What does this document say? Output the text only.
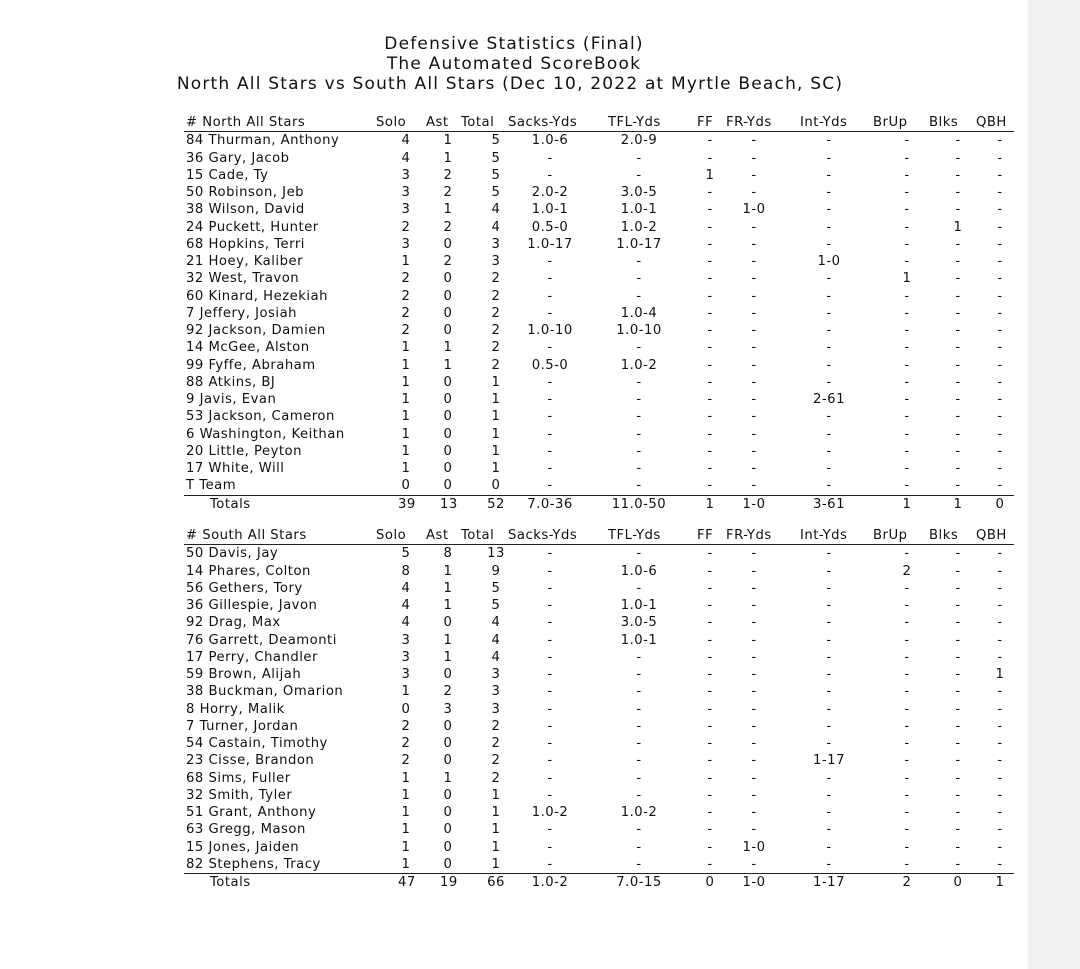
Defensive Statistics (Final)
The Automated ScoreBook
North All Stars vs South All Stars (Dec 10, 2022 at Myrtle Beach, SC)
# North All Stars	Solo Ast Total Sacks-Yds TFL-Yds	FF FR-Yds Int-Yds BrUp Blks QBH
84 Thurman, Anthony	4	1	5	1.0-6	2.0-9	-	-	-	-	-	-
36 Gary, Jacob	4	1	5	-	-	-	-	-	-	-	-
15 Cade, Ty	3	2	5	-	-	1	-	-	-	-	-
50 Robinson, Jeb	3	2	5	2.0-2	3.0-5	-	-	-	-	-	-
38 Wilson, David	3	1	4	1.0-1	1.0-1	-	1-0	-	-	-	-
24 Puckett, Hunter	2	2	4	0.5-0	1.0-2	-	-	-	-	1	-
68 Hopkins, Terri	3	0	3	1.0-17	1.0-17	-	-	-	-	-	-
21 Hoey, Kaliber	1	2	3	-	-	-	-	1-0	-	-	-
32 West, Travon	2	0	2	-	-	-	-	-	1	-	-
60 Kinard, Hezekiah	2	0	2	-	-	-	-	-	-	-	-
7 Jeffery, Josiah	2	0	2	-	1.0-4	-	-	-	-	-	-
92 Jackson, Damien	2	0	2	1.0-10	1.0-10	-	-	-	-	-	-
14 McGee, Alston	1	1	2	-	-	-	-	-	-	-	-
99 Fyffe, Abraham	1	1	2	0.5-0	1.0-2	-	-	-	-	-	-
88 Atkins, BJ	1	0	1	-	-	-	-	-	-	-	-
9 Javis, Evan	1	0	1	-	-	-	-	2-61	-	-	-
53 Jackson, Cameron	1	0	1	-	-	-	-	-	-	-	-
6 Washington, Keithan	1	0	1	-	-	-	-	-	-	-	-
20 Little, Peyton	1	0	1	-	-	-	-	-	-	-	-
17 White, Will	1	0	1	-	-	-	-	-	-	-	-
T Team	0	0	0	-	-	-	-	-	-	-	-
Totals	39 13 52	7.0-36	11.0-50	1	1-0	3-61	1	1	0
# South All Stars	Solo Ast Total Sacks-Yds TFL-Yds	FF FR-Yds Int-Yds BrUp Blks QBH
50 Davis, Jay	5	8	13	-	-	-	-	-	-	-	-
14 Phares, Colton	8	1	9	-	1.0-6	-	-	-	2	-	-
56 Gethers, Tory	4	1	5	-	-	-	-	-	-	-	-
36 Gillespie, Javon	4	1	5	-	1.0-1	-	-	-	-	-	-
92 Drag, Max	4	0	4	-	3.0-5	-	-	-	-	-	-
76 Garrett, Deamonti	3	1	4	-	1.0-1	-	-	-	-	-	-
17 Perry, Chandler	3	1	4	-	-	-	-	-	-	-	-
59 Brown, Alijah	3	0	3	-	-	-	-	-	-	-	1
38 Buckman, Omarion	1	2	3	-	-	-	-	-	-	-	-
8 Horry, Malik	0	3	3	-	-	-	-	-	-	-	-
7 Turner, Jordan	2	0	2	-	-	-	-	-	-	-	-
54 Castain, Timothy	2	0	2	-	-	-	-	-	-	-	-
23 Cisse, Brandon	2	0	2	-	-	-	-	1-17	-	-	-
68 Sims, Fuller	1	1	2	-	-	-	-	-	-	-	-
32 Smith, Tyler	1	0	1	-	-	-	-	-	-	-	-
51 Grant, Anthony	1	0	1	1.0-2	1.0-2	-	-	-	-	-	-
63 Gregg, Mason	1	0	1	-	-	-	-	-	-	-	-
15 Jones, Jaiden	1	0	1	-	-	-	1-0	-	-	-	-
82 Stephens, Tracy	1	0	1	-	-	-	-	-	-	-	-
Totals	47 19 66	1.0-2	7.0-15	0	1-0	1-17	2	0	1
